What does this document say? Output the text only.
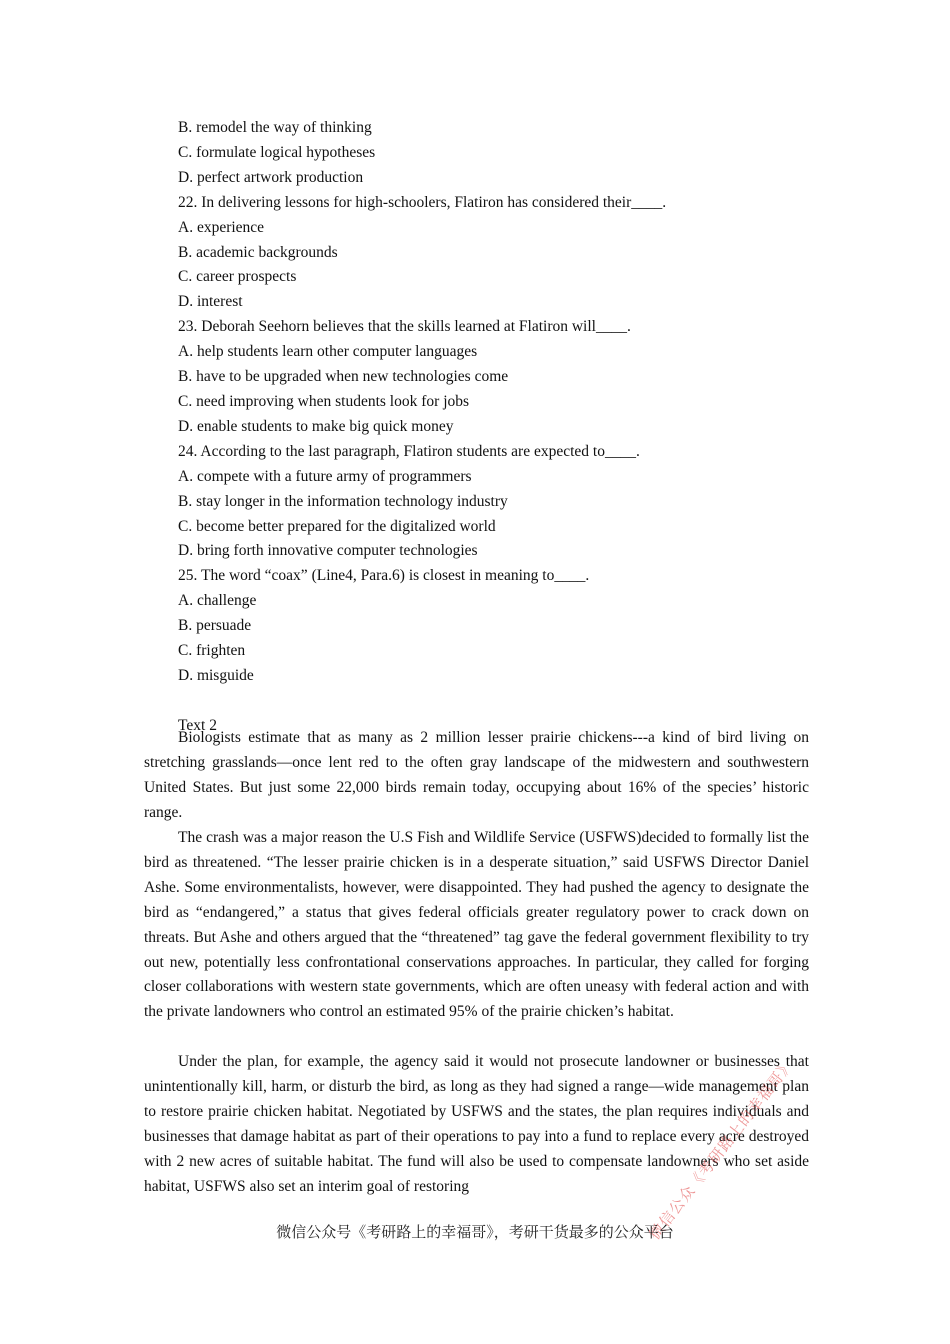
B. remodel the way of thinking
C. formulate logical hypotheses
D. perfect artwork production
22. In delivering lessons for high-schoolers, Flatiron has considered their____.
A. experience
B. academic backgrounds
C. career prospects
D. interest
23. Deborah Seehorn believes that the skills learned at Flatiron will____.
A. help students learn other computer languages
B. have to be upgraded when new technologies come
C. need improving when students look for jobs
D. enable students to make big quick money
24. According to the last paragraph, Flatiron students are expected to____.
A. compete with a future army of programmers
B. stay longer in the information technology industry
C. become better prepared for the digitalized world
D. bring forth innovative computer technologies
25. The word “coax” (Line4, Para.6) is closest in meaning to____.
A. challenge
B. persuade
C. frighten
D. misguide
Text 2

Biologists estimate that as many as 2 million lesser prairie chickens---a kind of bird living on stretching grasslands—once lent red to the often gray landscape of the midwestern and southwestern United States. But just some 22,000 birds remain today, occupying about 16% of the species’ historic range.

The crash was a major reason the U.S Fish and Wildlife Service (USFWS)decided to formally list the bird as threatened. “The lesser prairie chicken is in a desperate situation,” said USFWS Director Daniel Ashe. Some environmentalists, however, were disappointed. They had pushed the agency to designate the bird as “endangered,” a status that gives federal officials greater regulatory power to crack down on threats. But Ashe and others argued that the “threatened” tag gave the federal government flexibility to try out new, potentially less confrontational conservations approaches. In particular, they called for forging closer collaborations with western state governments, which are often uneasy with federal action and with the private landowners who control an estimated 95% of the prairie chicken’s habitat.

Under the plan, for example, the agency said it would not prosecute landowner or businesses that unintentionally kill, harm, or disturb the bird, as long as they had signed a range—wide management plan to restore prairie chicken habitat. Negotiated by USFWS and the states, the plan requires individuals and businesses that damage habitat as part of their operations to pay into a fund to replace every acre destroyed with 2 new acres of suitable habitat. The fund will also be used to compensate landowners who set aside habitat, USFWS also set an interim goal of restoring	微信公众《考研路上的幸福哥》
微信公众号《考研路上的幸福哥》，考研干货最多的公众平台
